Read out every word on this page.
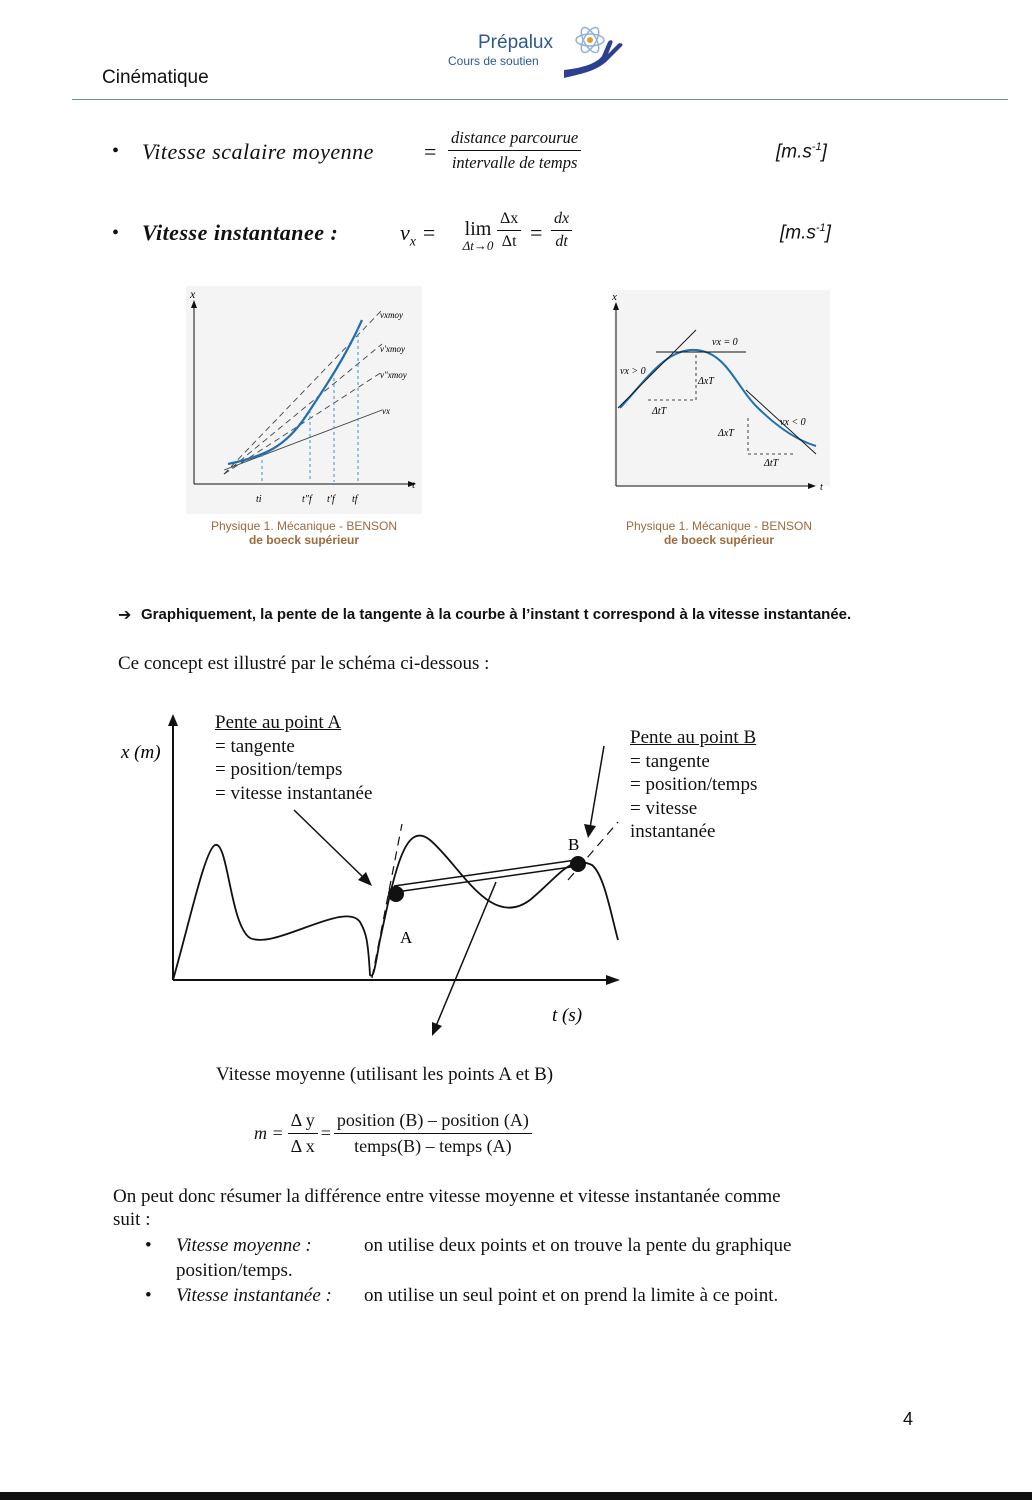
Cinématique
Prépalux
Cours de soutien
• Vitesse scalaire moyenne =
distance parcourue
intervalle de temps
$[m.s^{-1}]$
• Vitesse instantanee :	$v_x$ =	lim
$\Delta t\to 0 \frac{\Delta x}{\Delta t} = \frac{dx}{dt}$	$[m.s^{-1}]$
x
t
vxmoy
v′xmoy
v″xmoy
vx
ti	t″f t′f tf
Physique 1. Mécanique - BENSON
de boeck supérieur
x
t
vx = 0
vx > 0
vx < 0
ΔxT
ΔtT
ΔxT
ΔtT
Physique 1. Mécanique - BENSON
de boeck supérieur
➔ Graphiquement, la pente de la tangente à la courbe à l’instant t correspond à la vitesse instantanée.
Ce concept est illustré par le schéma ci-dessous :
x (m)
t (s)
A
B
Pente au point A
= tangente
= position/temps
= vitesse instantanée
Pente au point B
= tangente
= position/temps
= vitesse
instantanée
Vitesse moyenne (utilisant les points A et B)
$m = \frac{\text{Δ y}}{\text{Δ x}} = \frac{\text{position (B) – position (A)}}{\text{temps(B) – temps (A)}}$
On peut donc résumer la différence entre vitesse moyenne et vitesse instantanée comme
suit :
• Vitesse moyenne :	on utilise deux points et on trouve la pente du graphique
position/temps.
• Vitesse instantanée : on utilise un seul point et on prend la limite à ce point.
4
